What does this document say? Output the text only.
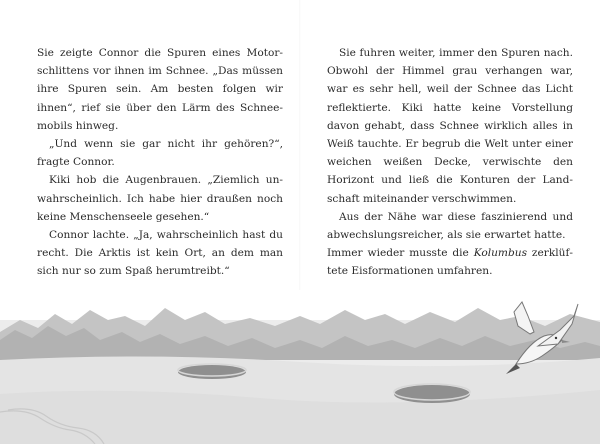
Sie zeigte Connor die Spuren eines Motorschlittens vor ihnen im Schnee. „Das müssen ihre Spuren sein. Am besten folgen wir ihnen“, rief sie über den Lärm des Schneemobils hinweg.

„Und wenn sie gar nicht ihr gehören?“, fragte Connor.

Kiki hob die Augenbrauen. „Ziemlich unwahrscheinlich. Ich habe hier draußen noch keine Menschenseele gesehen.“

Connor lachte. „Ja, wahrscheinlich hast du recht. Die Arktis ist kein Ort, an dem man sich nur so zum Spaß herumtreibt.“

Sie fuhren weiter, immer den Spuren nach. Obwohl der Himmel grau verhangen war, war es sehr hell, weil der Schnee das Licht reflektierte. Kiki hatte keine Vorstellung davon gehabt, dass Schnee wirklich alles in Weiß tauchte. Er begrub die Welt unter einer weichen weißen Decke, verwischte den Horizont und ließ die Konturen der Landschaft miteinander verschwimmen.

Aus der Nähe war diese faszinierend und abwechslungsreicher, als sie erwartet hatte.

Immer wieder musste die Kolumbus zerklüftete Eisformationen umfahren.
